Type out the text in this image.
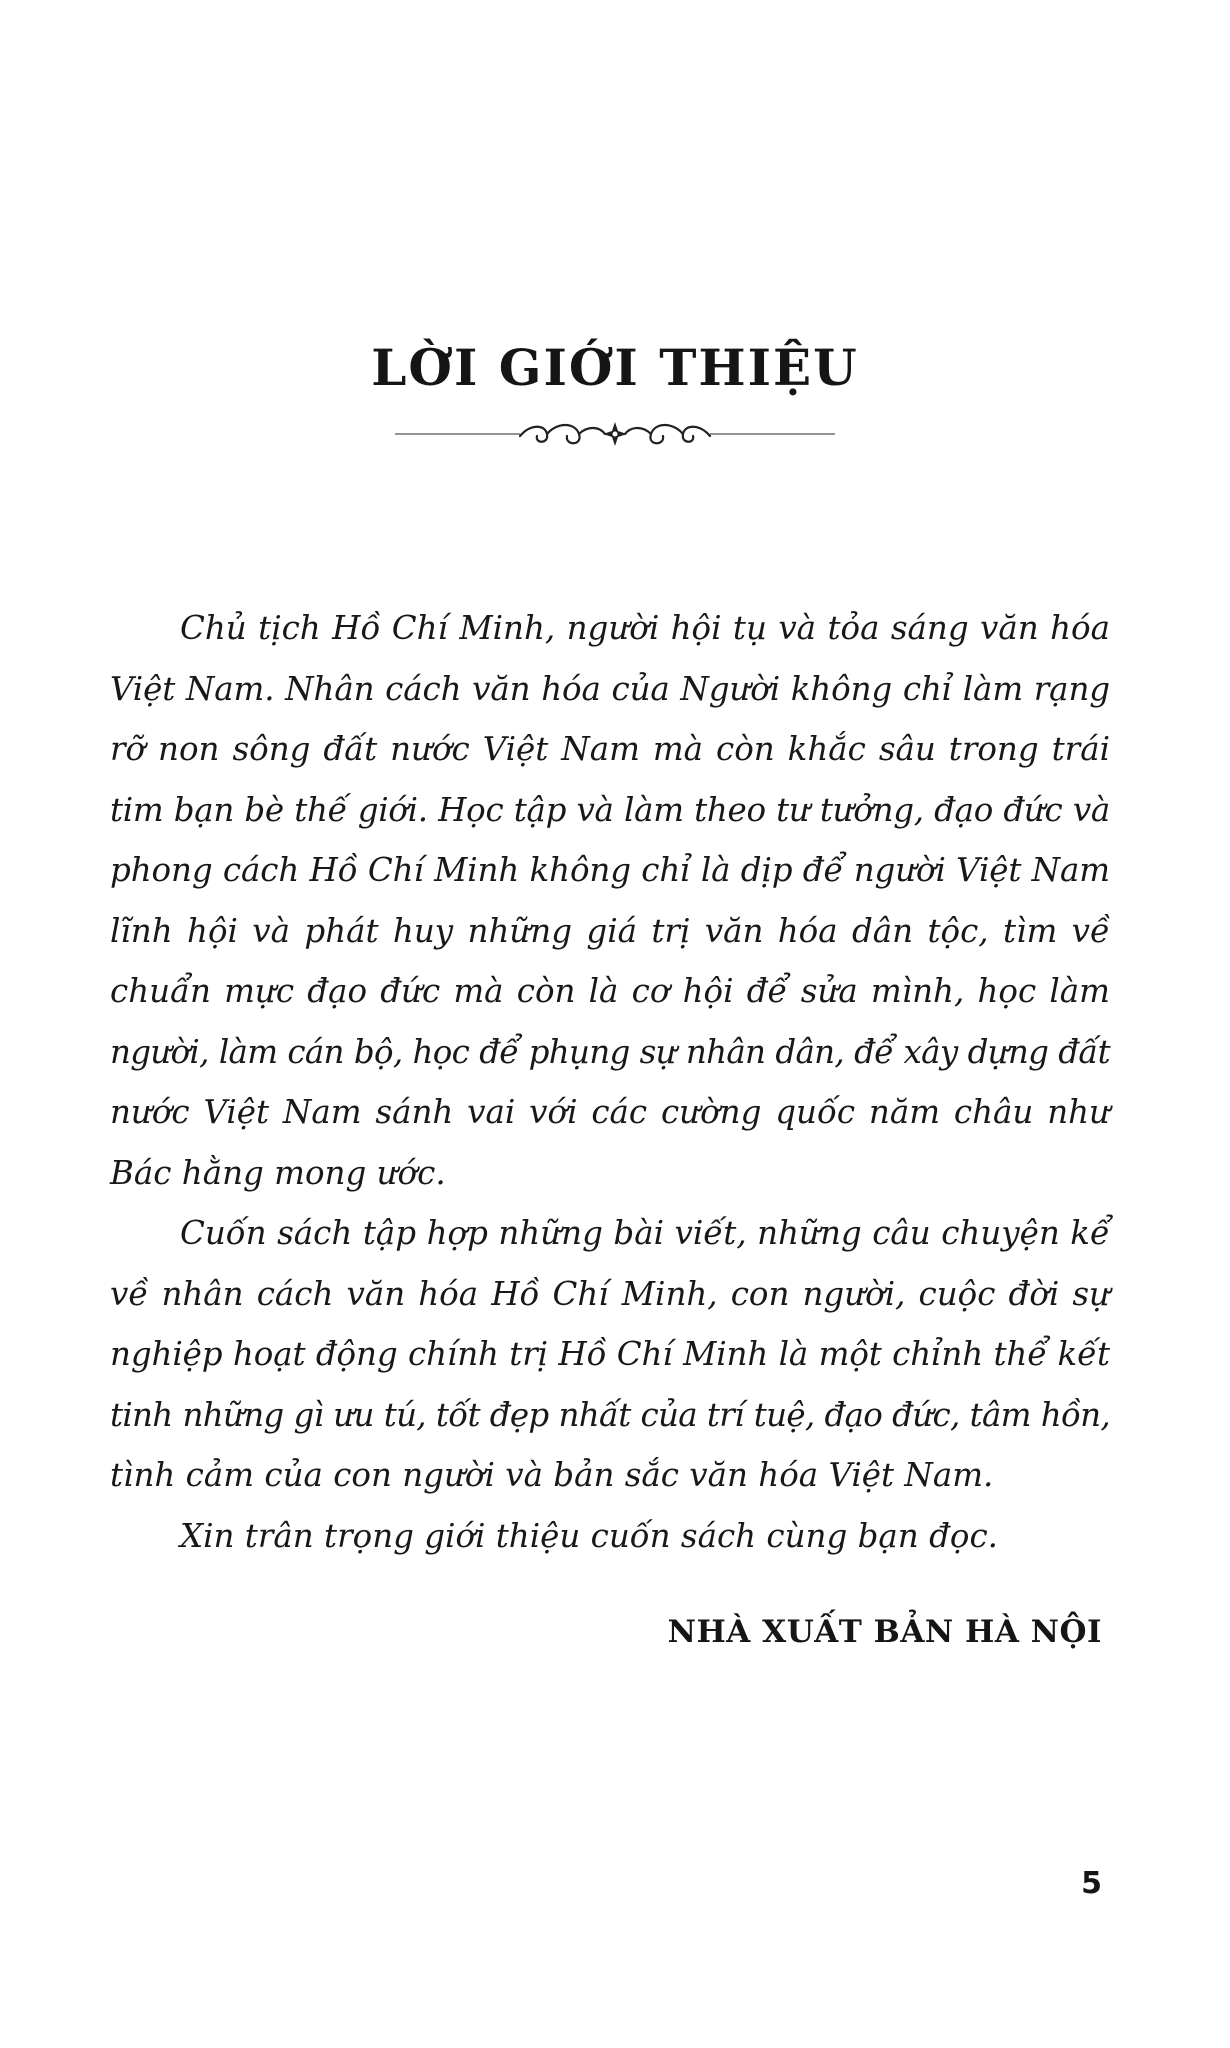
LỜI GIỚI THIỆU
Chủ tịch Hồ Chí Minh, người hội tụ và tỏa sáng văn hóa
Việt Nam. Nhân cách văn hóa của Người không chỉ làm rạng
rỡ non sông đất nước Việt Nam mà còn khắc sâu trong trái
tim bạn bè thế giới. Học tập và làm theo tư tưởng, đạo đức và
phong cách Hồ Chí Minh không chỉ là dịp để người Việt Nam
lĩnh hội và phát huy những giá trị văn hóa dân tộc, tìm về
chuẩn mực đạo đức mà còn là cơ hội để sửa mình, học làm
người, làm cán bộ, học để phụng sự nhân dân, để xây dựng đất
nước Việt Nam sánh vai với các cường quốc năm châu như
Bác hằng mong ước.
Cuốn sách tập hợp những bài viết, những câu chuyện kể
về nhân cách văn hóa Hồ Chí Minh, con người, cuộc đời sự
nghiệp hoạt động chính trị Hồ Chí Minh là một chỉnh thể kết
tinh những gì ưu tú, tốt đẹp nhất của trí tuệ, đạo đức, tâm hồn,
tình cảm của con người và bản sắc văn hóa Việt Nam.
Xin trân trọng giới thiệu cuốn sách cùng bạn đọc.
NHÀ XUẤT BẢN HÀ NỘI
5
